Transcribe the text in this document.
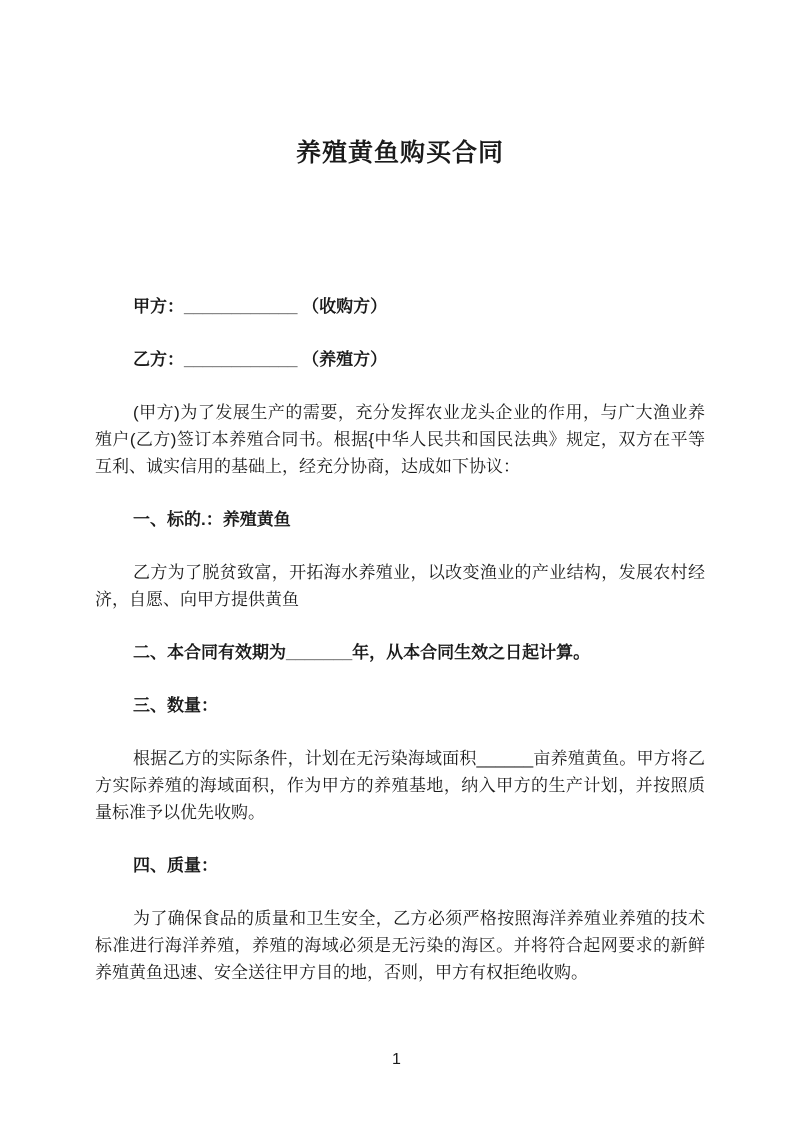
养殖黄鱼购买合同

甲方：____________ （收购方）

乙方：____________ （养殖方）

(甲方)为了发展生产的需要，充分发挥农业龙头企业的作用，与广大渔业养殖户(乙方)签订本养殖合同书。根据{中华人民共和国民法典》规定，双方在平等互利、诚实信用的基础上，经充分协商，达成如下协议：

一、标的.：养殖黄鱼

乙方为了脱贫致富，开拓海水养殖业，以改变渔业的产业结构，发展农村经济，自愿、向甲方提供黄鱼

二、本合同有效期为_______年，从本合同生效之日起计算。

三、数量：

根据乙方的实际条件，计划在无污染海域面积______亩养殖黄鱼。甲方将乙方实际养殖的海域面积，作为甲方的养殖基地，纳入甲方的生产计划，并按照质量标准予以优先收购。

四、质量：

为了确保食品的质量和卫生安全，乙方必须严格按照海洋养殖业养殖的技术标准进行海洋养殖，养殖的海域必须是无污染的海区。并将符合起网要求的新鲜养殖黄鱼迅速、安全送往甲方目的地，否则，甲方有权拒绝收购。

1
